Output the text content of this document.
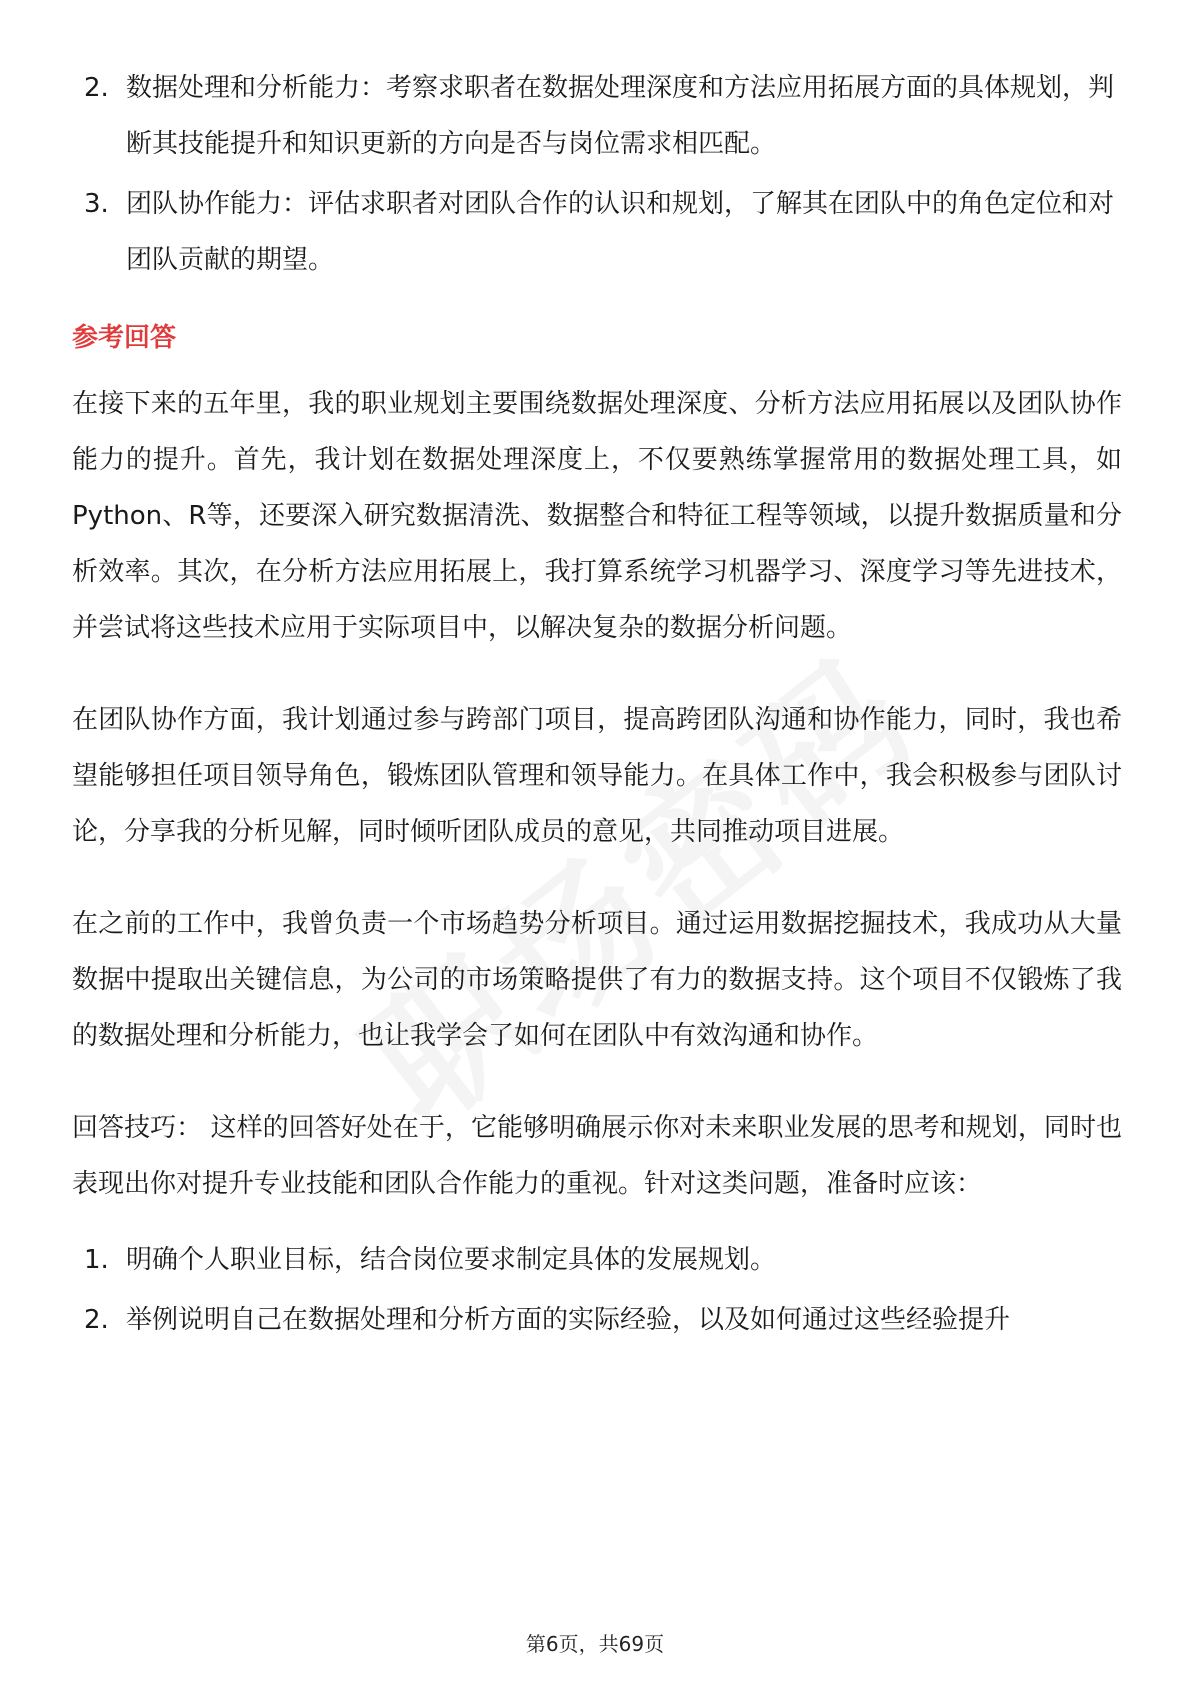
2. 数据处理和分析能力：考察求职者在数据处理深度和方法应用拓展方面的具体规划，判断其技能提升和知识更新的方向是否与岗位需求相匹配。
3. 团队协作能力：评估求职者对团队合作的认识和规划，了解其在团队中的角色定位和对团队贡献的期望。
参考回答

在接下来的五年里，我的职业规划主要围绕数据处理深度、分析方法应用拓展以及团队协作能力的提升。首先，我计划在数据处理深度上，不仅要熟练掌握常用的数据处理工具，如Python、R等，还要深入研究数据清洗、数据整合和特征工程等领域，以提升数据质量和分析效率。其次，在分析方法应用拓展上，我打算系统学习机器学习、深度学习等先进技术，并尝试将这些技术应用于实际项目中，以解决复杂的数据分析问题。

在团队协作方面，我计划通过参与跨部门项目，提高跨团队沟通和协作能力，同时，我也希望能够担任项目领导角色，锻炼团队管理和领导能力。在具体工作中，我会积极参与团队讨论，分享我的分析见解，同时倾听团队成员的意见，共同推动项目进展。

在之前的工作中，我曾负责一个市场趋势分析项目。通过运用数据挖掘技术，我成功从大量数据中提取出关键信息，为公司的市场策略提供了有力的数据支持。这个项目不仅锻炼了我的数据处理和分析能力，也让我学会了如何在团队中有效沟通和协作。

回答技巧： 这样的回答好处在于，它能够明确展示你对未来职业发展的思考和规划，同时也表现出你对提升专业技能和团队合作能力的重视。针对这类问题，准备时应该：

1. 明确个人职业目标，结合岗位要求制定具体的发展规划。
2. 举例说明自己在数据处理和分析方面的实际经验，以及如何通过这些经验提升
第6页，共69页
